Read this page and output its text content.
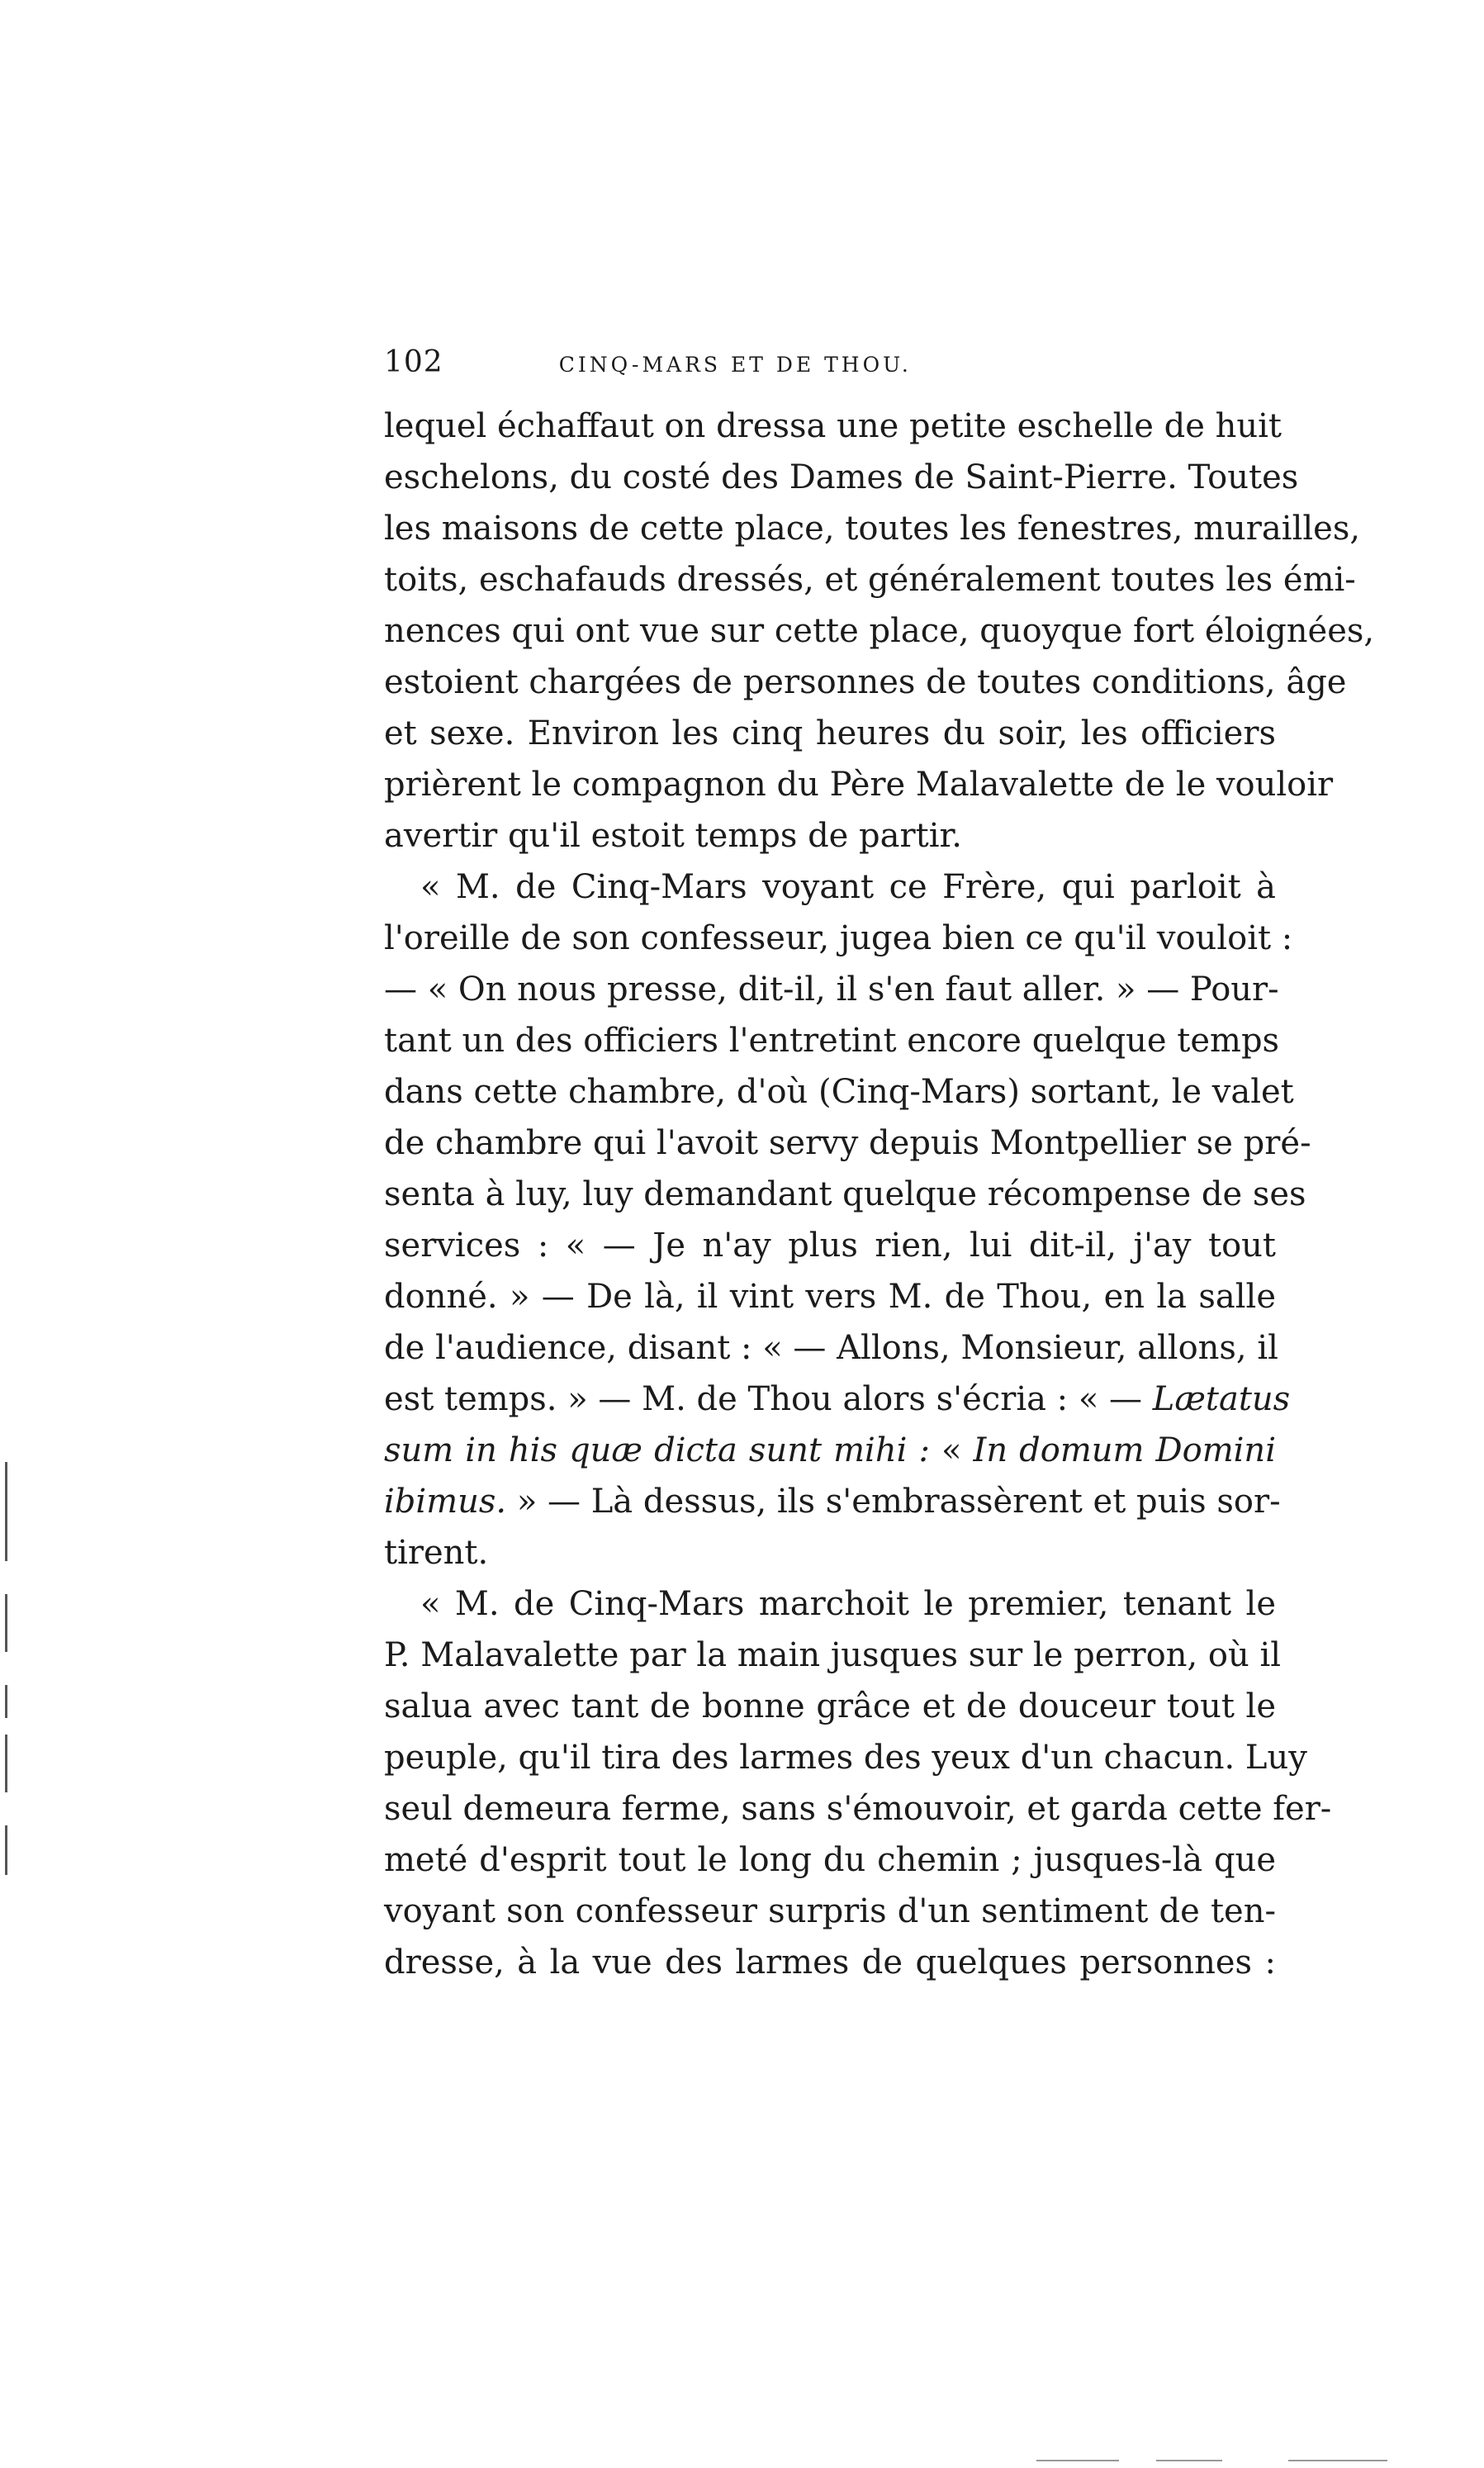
102	CINQ-MARS ET DE THOU.
lequel échaffaut on dressa une petite eschelle de huit
eschelons, du costé des Dames de Saint-Pierre. Toutes
les maisons de cette place, toutes les fenestres, murailles,
toits, eschafauds dressés, et généralement toutes les émi-
nences qui ont vue sur cette place, quoyque fort éloignées,
estoient chargées de personnes de toutes conditions, âge
et sexe. Environ les cinq heures du soir, les officiers
prièrent le compagnon du Père Malavalette de le vouloir
avertir qu'il estoit temps de partir.
« M. de Cinq-Mars voyant ce Frère, qui parloit à
l'oreille de son confesseur, jugea bien ce qu'il vouloit :
— « On nous presse, dit-il, il s'en faut aller. » — Pour-
tant un des officiers l'entretint encore quelque temps
dans cette chambre, d'où (Cinq-Mars) sortant, le valet
de chambre qui l'avoit servy depuis Montpellier se pré-
senta à luy, luy demandant quelque récompense de ses
services : « — Je n'ay plus rien, lui dit-il, j'ay tout
donné. » — De là, il vint vers M. de Thou, en la salle
de l'audience, disant : « — Allons, Monsieur, allons, il
est temps. » — M. de Thou alors s'écria : « — Lætatus
sum in his quæ dicta sunt mihi : « In domum Domini
ibimus. » — Là dessus, ils s'embrassèrent et puis sor-
tirent.
« M. de Cinq-Mars marchoit le premier, tenant le
P. Malavalette par la main jusques sur le perron, où il
salua avec tant de bonne grâce et de douceur tout le
peuple, qu'il tira des larmes des yeux d'un chacun. Luy
seul demeura ferme, sans s'émouvoir, et garda cette fer-
meté d'esprit tout le long du chemin ; jusques-là que
voyant son confesseur surpris d'un sentiment de ten-
dresse, à la vue des larmes de quelques personnes :
